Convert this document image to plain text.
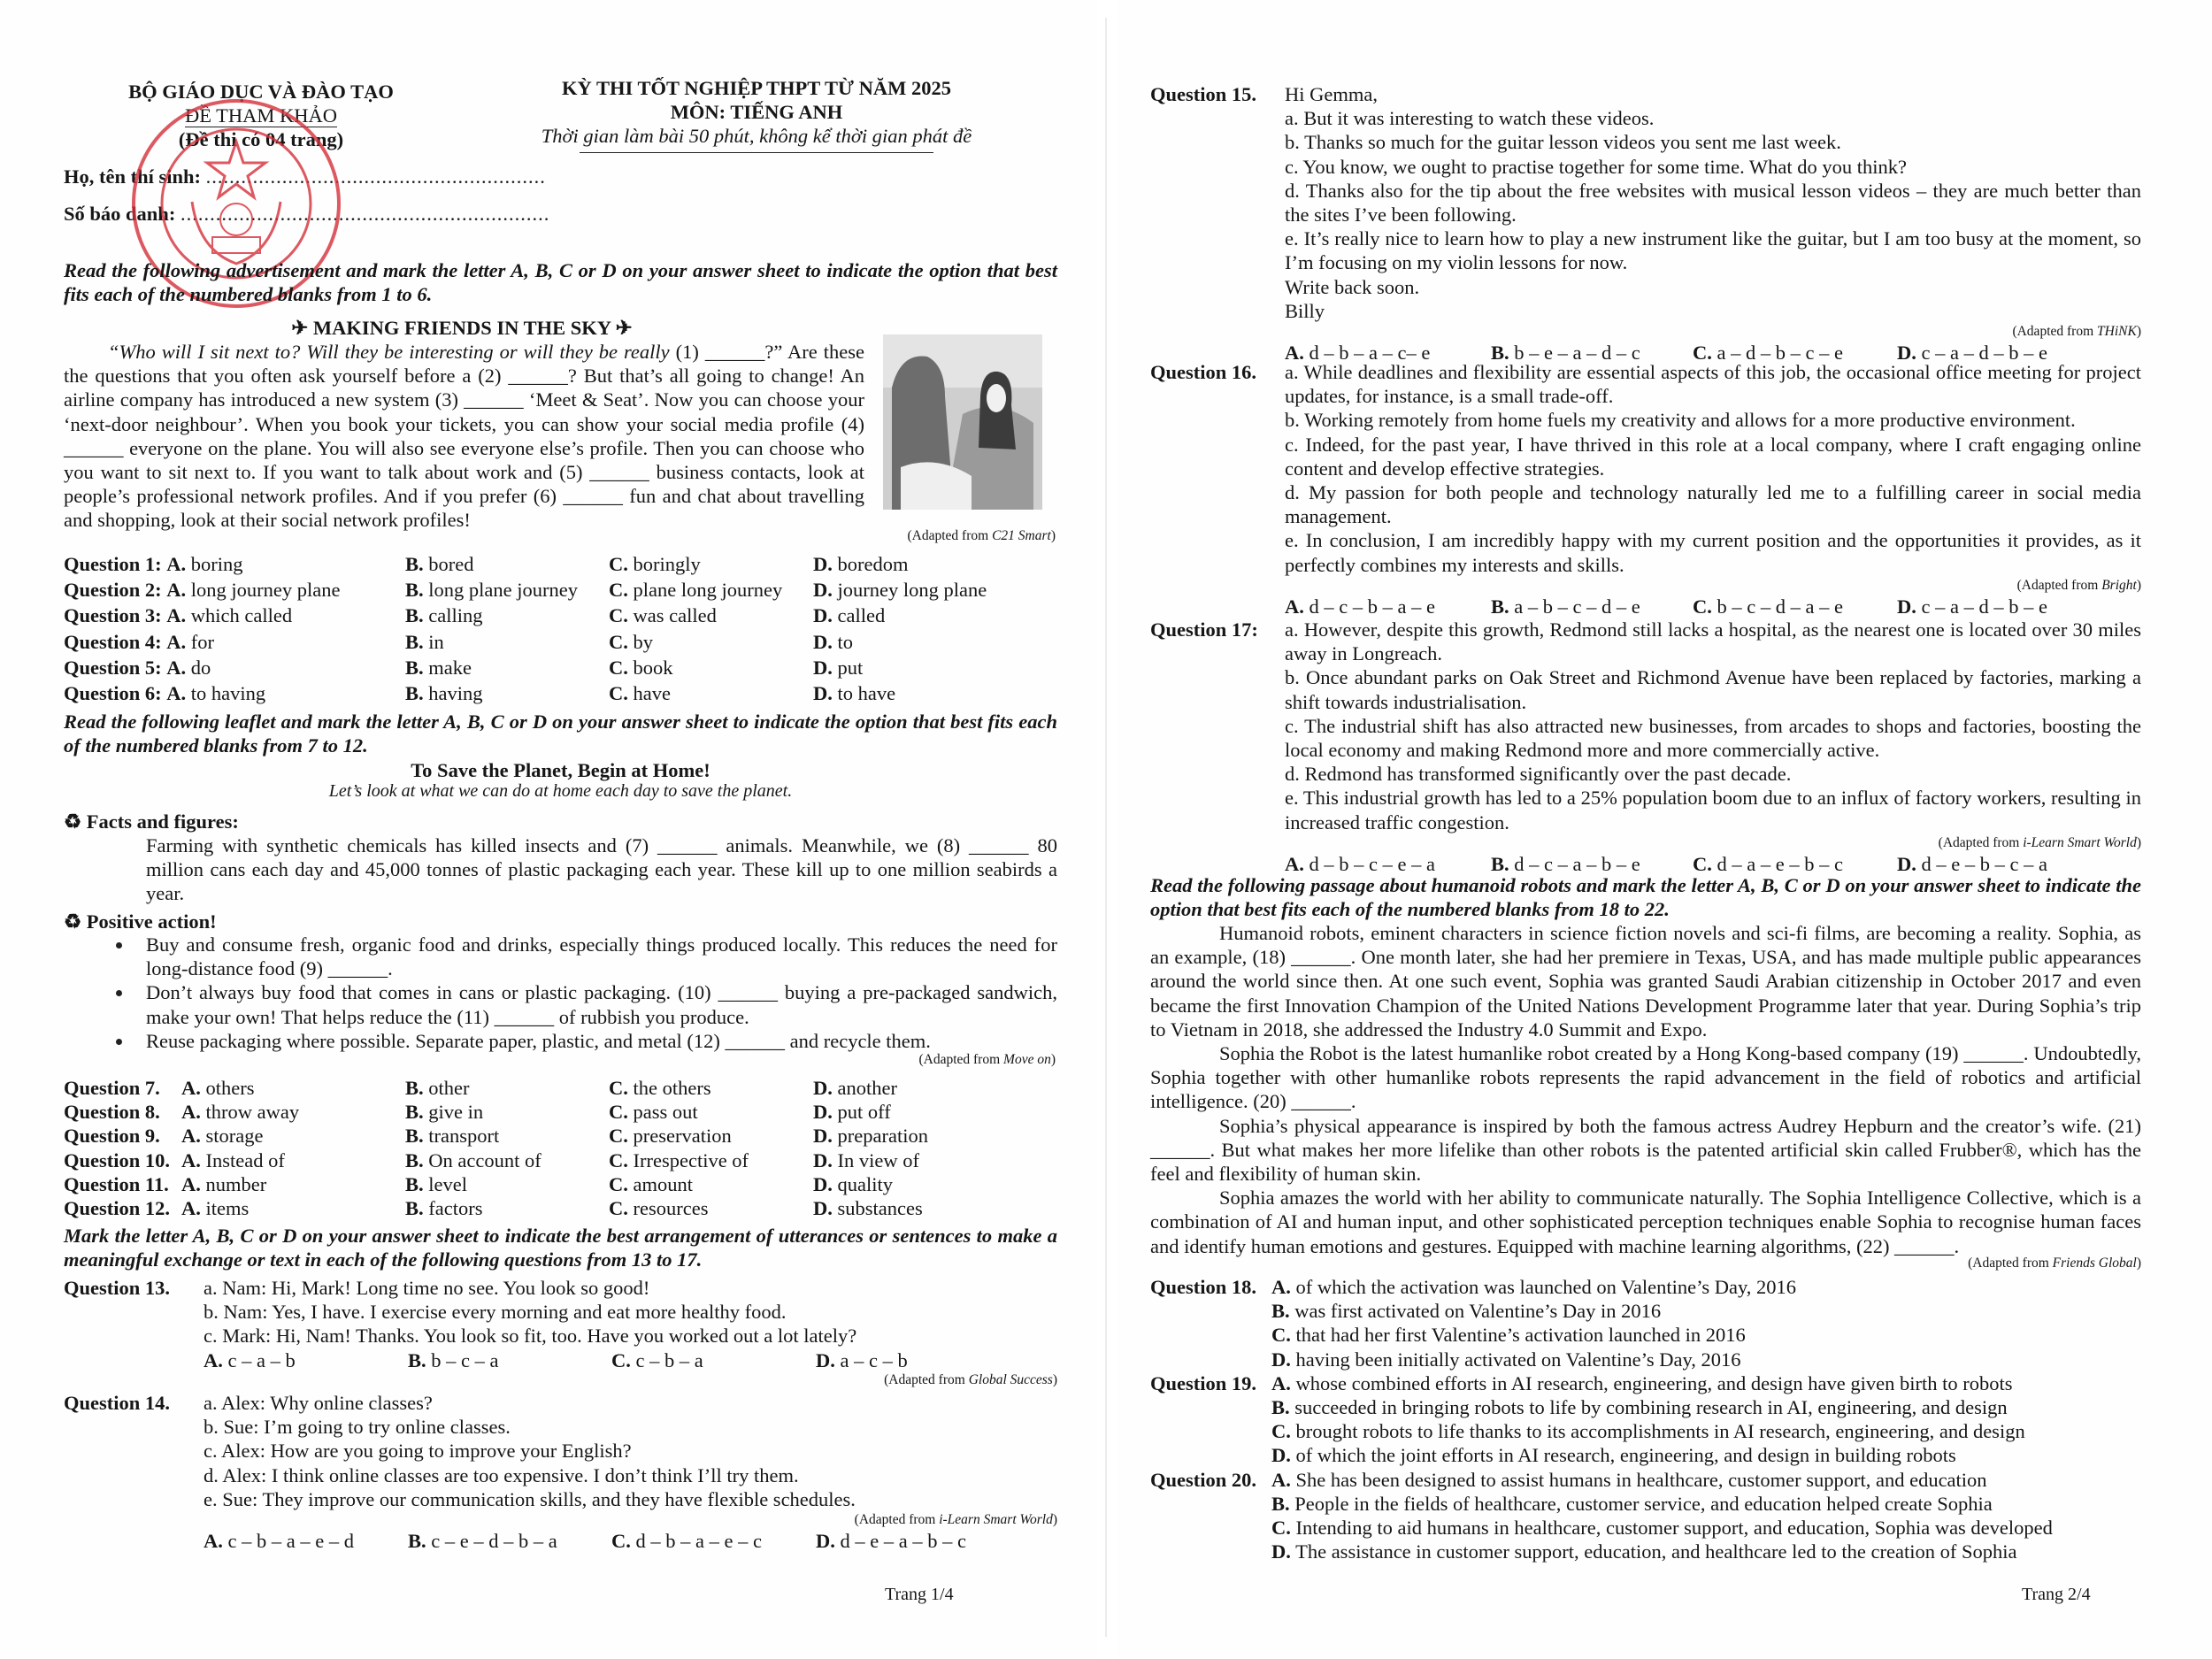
BỘ GIÁO DỤC VÀ ĐÀO TẠO
ĐỀ THAM KHẢO
(Đề thi có 04 trang)
KỲ THI TỐT NGHIỆP THPT TỪ NĂM 2025
MÔN: TIẾNG ANH
Thời gian làm bài 50 phút, không kể thời gian phát đề
Họ, tên thí sinh: ..........................................................
Số báo danh: ...............................................................
Read the following advertisement and mark the letter A, B, C or D on your answer sheet to indicate the option that best fits each of the numbered blanks from 1 to 6.
✈ MAKING FRIENDS IN THE SKY ✈
“Who will I sit next to? Will they be interesting or will they be really (1) ______?” Are these the questions that you often ask yourself before a (2) ______? But that’s all going to change! An airline company has introduced a new system (3) ______ ‘Meet & Seat’. Now you can choose your ‘next-door neighbour’. When you book your tickets, you can show your social media profile (4) ______ everyone on the plane. You will also see everyone else’s profile. Then you can choose who you want to sit next to. If you want to talk about work and (5) ______ business contacts, look at people’s professional network profiles. And if you prefer (6) ______ fun and chat about travelling and shopping, look at their social network profiles!
(Adapted from C21 Smart)
Question 1: A. boring	B. bored	C. boringly	D. boredom
Question 2: A. long journey plane	B. long plane journey	C. plane long journey	D. journey long plane
Question 3: A. which called	B. calling	C. was called	D. called
Question 4: A. for	B. in	C. by	D. to
Question 5: A. do	B. make	C. book	D. put
Question 6: A. to having	B. having	C. have	D. to have
Read the following leaflet and mark the letter A, B, C or D on your answer sheet to indicate the option that best fits each of the numbered blanks from 7 to 12.
To Save the Planet, Begin at Home!
Let’s look at what we can do at home each day to save the planet.
♻ Facts and figures:
Farming with synthetic chemicals has killed insects and (7) ______ animals. Meanwhile, we (8) ______ 80 million cans each day and 45,000 tonnes of plastic packaging each year. These kill up to one million seabirds a year.
♻ Positive action!
Buy and consume fresh, organic food and drinks, especially things produced locally. This reduces the need for long-distance food (9) ______.
Don’t always buy food that comes in cans or plastic packaging. (10) ______ buying a pre-packaged sandwich, make your own! That helps reduce the (11) ______ of rubbish you produce.
Reuse packaging where possible. Separate paper, plastic, and metal (12) ______ and recycle them.
(Adapted from Move on)
Question 7. A. others	B. other	C. the others	D. another
Question 8. A. throw away	B. give in	C. pass out	D. put off
Question 9. A. storage	B. transport	C. preservation	D. preparation
Question 10. A. Instead of	B. On account of	C. Irrespective of	D. In view of
Question 11. A. number	B. level	C. amount	D. quality
Question 12. A. items	B. factors	C. resources	D. substances
Mark the letter A, B, C or D on your answer sheet to indicate the best arrangement of utterances or sentences to make a meaningful exchange or text in each of the following questions from 13 to 17.
Question 13.	a. Nam: Hi, Mark! Long time no see. You look so good!
b. Nam: Yes, I have. I exercise every morning and eat more healthy food.
c. Mark: Hi, Nam! Thanks. You look so fit, too. Have you worked out a lot lately?
A. c – a – b	B. b – c – a	C. c – b – a	D. a – c – b
(Adapted from Global Success)
Question 14.	a. Alex: Why online classes?
b. Sue: I’m going to try online classes.
c. Alex: How are you going to improve your English?
d. Alex: I think online classes are too expensive. I don’t think I’ll try them.
e. Sue: They improve our communication skills, and they have flexible schedules.
(Adapted from i-Learn Smart World)
A. c – b – a – e – d	B. c – e – d – b – a	C. d – b – a – e – c	D. d – e – a – b – c
Trang 1/4
Question 15.	Hi Gemma,
a. But it was interesting to watch these videos.
b. Thanks so much for the guitar lesson videos you sent me last week.
c. You know, we ought to practise together for some time. What do you think?
d. Thanks also for the tip about the free websites with musical lesson videos – they are much better than the sites I’ve been following.
e. It’s really nice to learn how to play a new instrument like the guitar, but I am too busy at the moment, so I’m focusing on my violin lessons for now.
Write back soon.
Billy
(Adapted from THiNK)
A. d – b – a – c– e	B. b – e – a – d – c	C. a – d – b – c – e	D. c – a – d – b – e
Question 16.	a. While deadlines and flexibility are essential aspects of this job, the occasional office meeting for project updates, for instance, is a small trade-off.
b. Working remotely from home fuels my creativity and allows for a more productive environment.
c. Indeed, for the past year, I have thrived in this role at a local company, where I craft engaging online content and develop effective strategies.
d. My passion for both people and technology naturally led me to a fulfilling career in social media management.
e. In conclusion, I am incredibly happy with my current position and the opportunities it provides, as it perfectly combines my interests and skills.
(Adapted from Bright)
A. d – c – b – a – e	B. a – b – c – d – e	C. b – c – d – a – e	D. c – a – d – b – e
Question 17:	a. However, despite this growth, Redmond still lacks a hospital, as the nearest one is located over 30 miles away in Longreach.
b. Once abundant parks on Oak Street and Richmond Avenue have been replaced by factories, marking a shift towards industrialisation.
c. The industrial shift has also attracted new businesses, from arcades to shops and factories, boosting the local economy and making Redmond more and more commercially active.
d. Redmond has transformed significantly over the past decade.
e. This industrial growth has led to a 25% population boom due to an influx of factory workers, resulting in increased traffic congestion.
(Adapted from i-Learn Smart World)
A. d – b – c – e – a	B. d – c – a – b – e	C. d – a – e – b – c	D. d – e – b – c – a
Read the following passage about humanoid robots and mark the letter A, B, C or D on your answer sheet to indicate the option that best fits each of the numbered blanks from 18 to 22.
Humanoid robots, eminent characters in science fiction novels and sci-fi films, are becoming a reality. Sophia, as an example, (18) ______. One month later, she had her premiere in Texas, USA, and has made multiple public appearances around the world since then. At one such event, Sophia was granted Saudi Arabian citizenship in October 2017 and even became the first Innovation Champion of the United Nations Development Programme later that year. During Sophia’s trip to Vietnam in 2018, she addressed the Industry 4.0 Summit and Expo.
Sophia the Robot is the latest humanlike robot created by a Hong Kong-based company (19) ______. Undoubtedly, Sophia together with other humanlike robots represents the rapid advancement in the field of robotics and artificial intelligence. (20) ______.
Sophia’s physical appearance is inspired by both the famous actress Audrey Hepburn and the creator’s wife. (21) ______. But what makes her more lifelike than other robots is the patented artificial skin called Frubber®, which has the feel and flexibility of human skin.
Sophia amazes the world with her ability to communicate naturally. The Sophia Intelligence Collective, which is a combination of AI and human input, and other sophisticated perception techniques enable Sophia to recognise human faces and identify human emotions and gestures. Equipped with machine learning algorithms, (22) ______.
(Adapted from Friends Global)
Question 18. A. of which the activation was launched on Valentine’s Day, 2016
B. was first activated on Valentine’s Day in 2016
C. that had her first Valentine’s activation launched in 2016
D. having been initially activated on Valentine’s Day, 2016
Question 19. A. whose combined efforts in AI research, engineering, and design have given birth to robots
B. succeeded in bringing robots to life by combining research in AI, engineering, and design
C. brought robots to life thanks to its accomplishments in AI research, engineering, and design
D. of which the joint efforts in AI research, engineering, and design in building robots
Question 20. A. She has been designed to assist humans in healthcare, customer support, and education
B. People in the fields of healthcare, customer service, and education helped create Sophia
C. Intending to aid humans in healthcare, customer support, and education, Sophia was developed
D. The assistance in customer support, education, and healthcare led to the creation of Sophia
Trang 2/4
